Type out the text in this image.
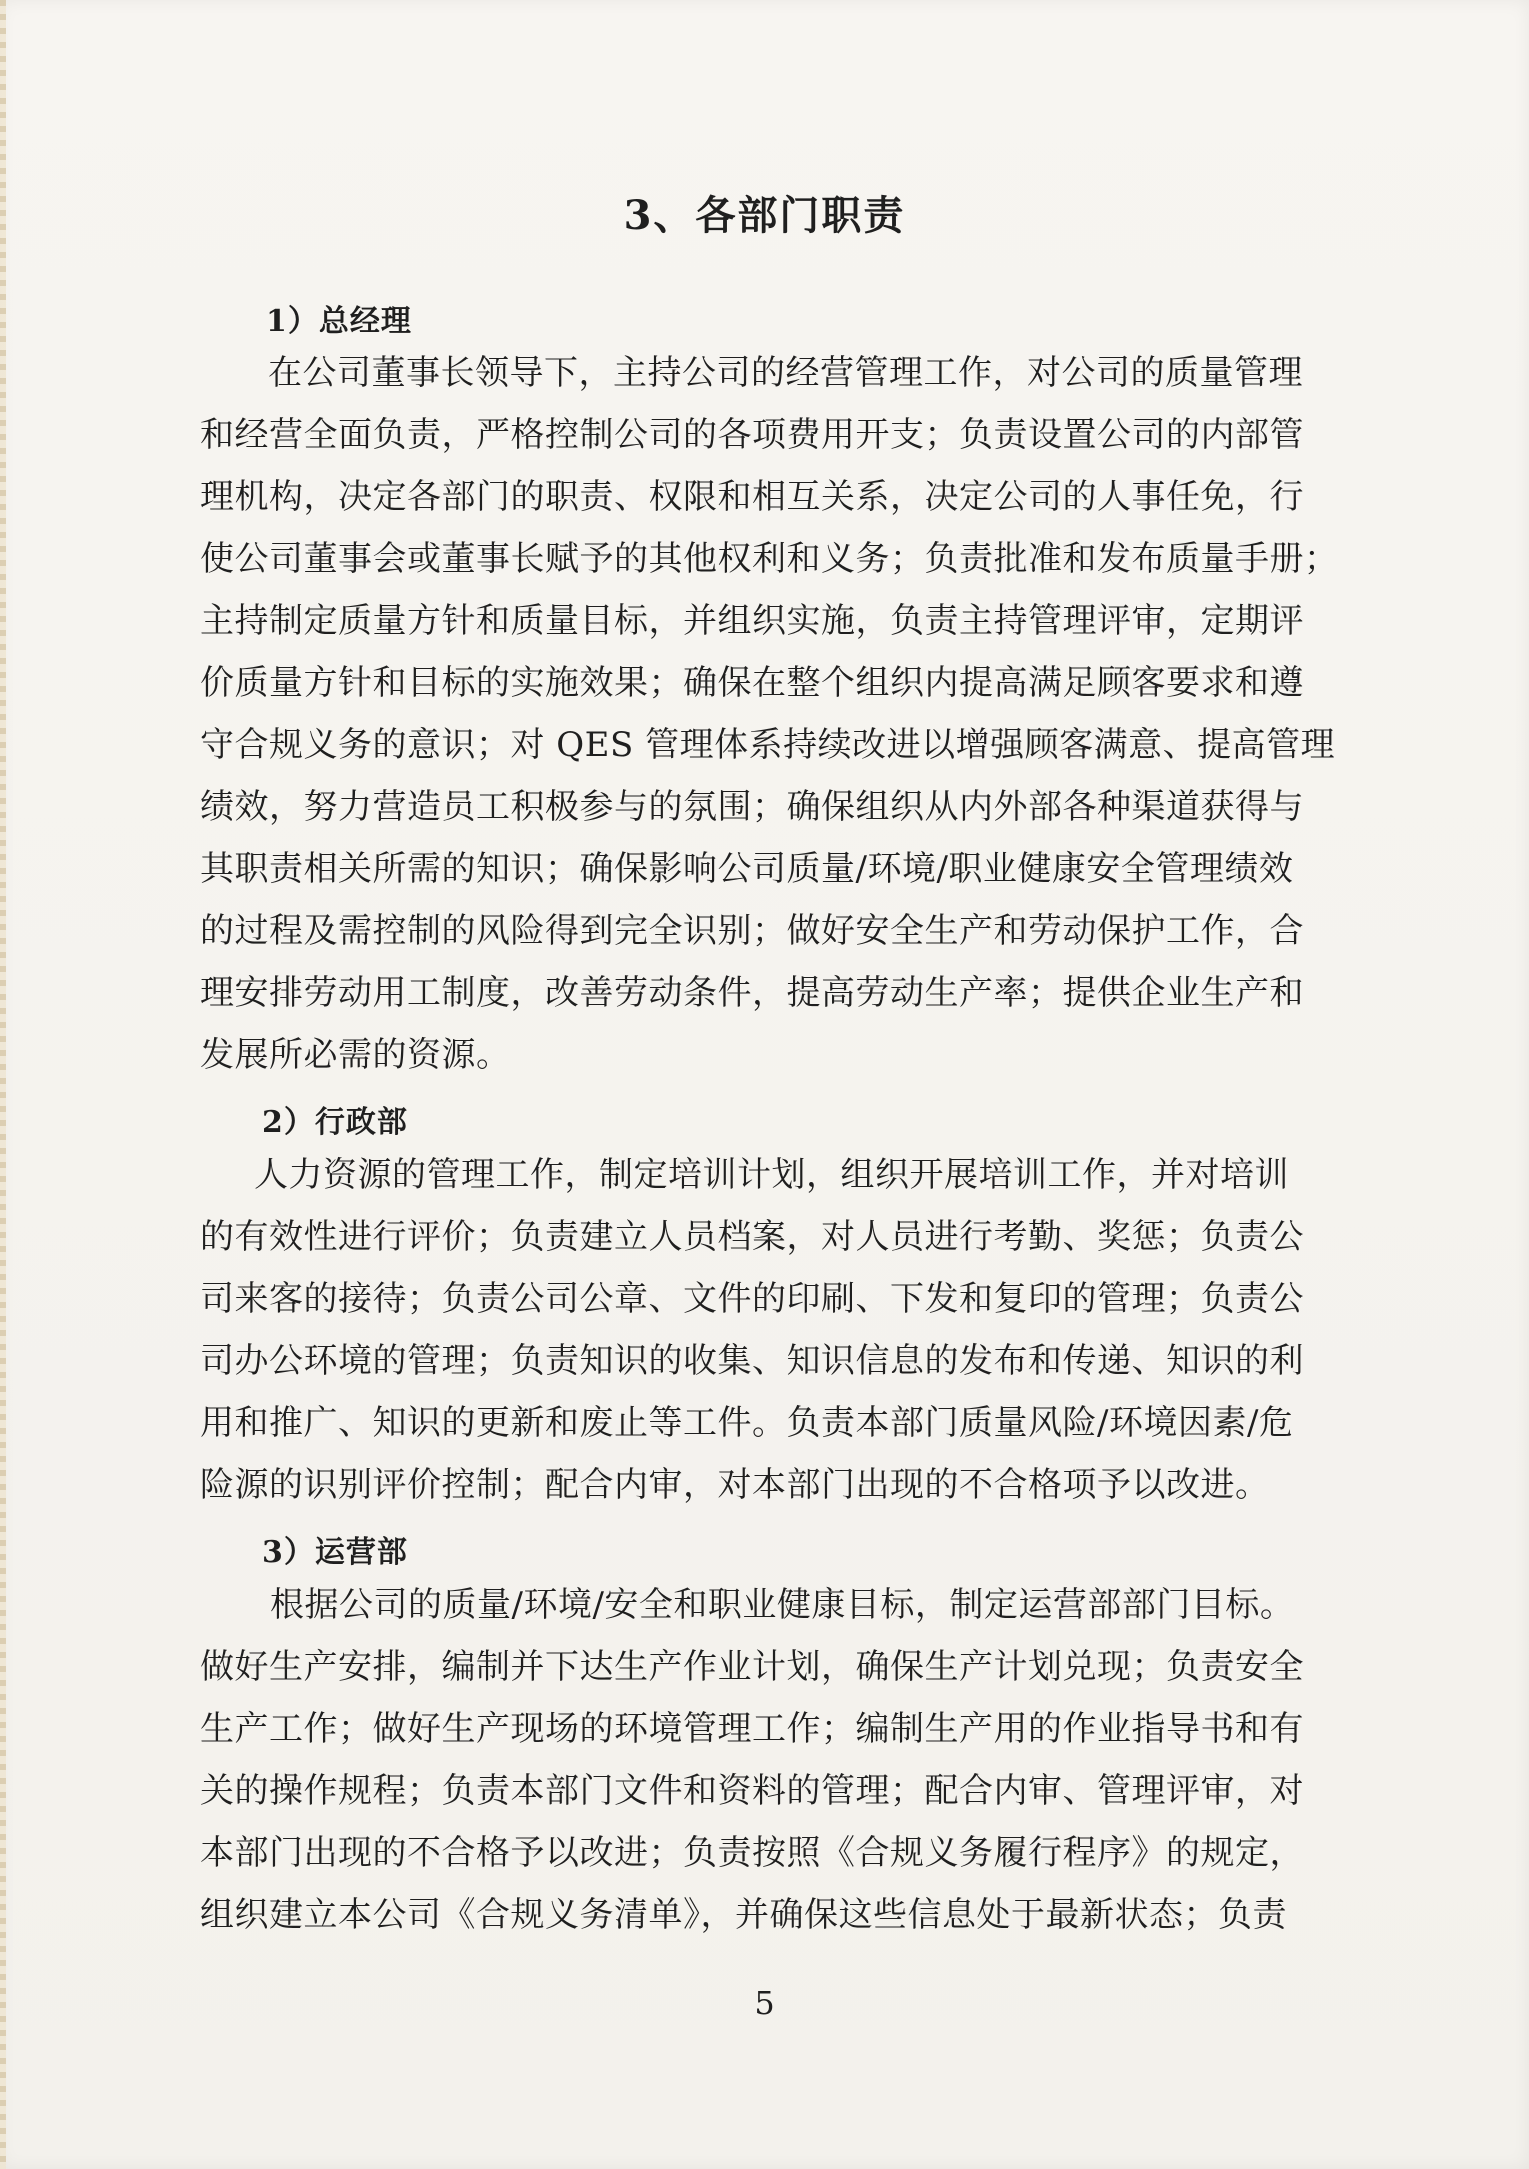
3、各部门职责
1）总经理
在公司董事长领导下，主持公司的经营管理工作，对公司的质量管理
和经营全面负责，严格控制公司的各项费用开支；负责设置公司的内部管
理机构，决定各部门的职责、权限和相互关系，决定公司的人事任免，行
使公司董事会或董事长赋予的其他权利和义务；负责批准和发布质量手册；
主持制定质量方针和质量目标，并组织实施，负责主持管理评审，定期评
价质量方针和目标的实施效果；确保在整个组织内提高满足顾客要求和遵
守合规义务的意识；对 QES 管理体系持续改进以增强顾客满意、提高管理
绩效，努力营造员工积极参与的氛围；确保组织从内外部各种渠道获得与
其职责相关所需的知识；确保影响公司质量/环境/职业健康安全管理绩效
的过程及需控制的风险得到完全识别；做好安全生产和劳动保护工作，合
理安排劳动用工制度，改善劳动条件，提高劳动生产率；提供企业生产和
发展所必需的资源。
2）行政部
人力资源的管理工作，制定培训计划，组织开展培训工作，并对培训
的有效性进行评价；负责建立人员档案，对人员进行考勤、奖惩；负责公
司来客的接待；负责公司公章、文件的印刷、下发和复印的管理；负责公
司办公环境的管理；负责知识的收集、知识信息的发布和传递、知识的利
用和推广、知识的更新和废止等工件。负责本部门质量风险/环境因素/危
险源的识别评价控制；配合内审，对本部门出现的不合格项予以改进。
3）运营部
根据公司的质量/环境/安全和职业健康目标，制定运营部部门目标。
做好生产安排，编制并下达生产作业计划，确保生产计划兑现；负责安全
生产工作；做好生产现场的环境管理工作；编制生产用的作业指导书和有
关的操作规程；负责本部门文件和资料的管理；配合内审、管理评审，对
本部门出现的不合格予以改进；负责按照《合规义务履行程序》的规定，
组织建立本公司《合规义务清单》，并确保这些信息处于最新状态；负责
5
